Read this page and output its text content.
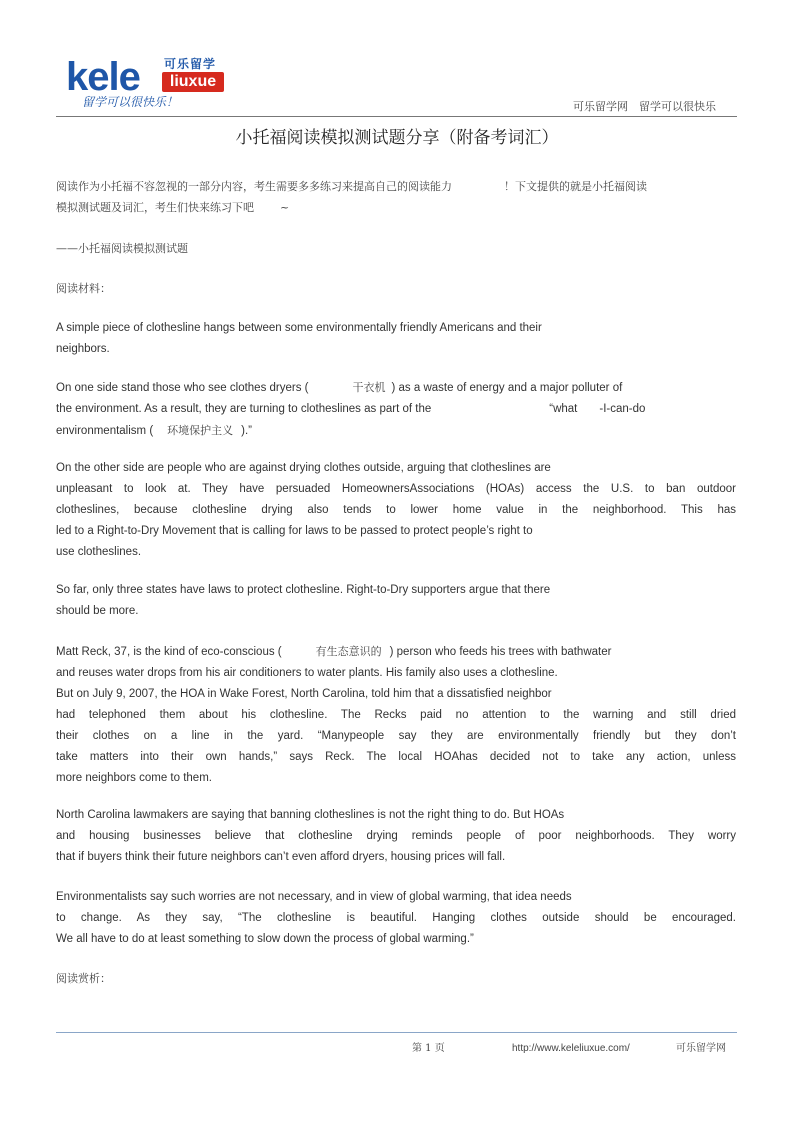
kele 可乐留学
liuxue
留学可以很快乐！	可乐留学网　留学可以很快乐
小托福阅读模拟测试题分享（附备考词汇）
阅读作为小托福不容忽视的一部分内容，考生需要多多练习来提高自己的阅读能力	！下文提供的就是小托福阅读
模拟测试题及词汇，考生们快来练习下吧 ~
——小托福阅读模拟测试题
阅读材料：
A simple piece of clothesline hangs between some environmentally friendly Americans and their
neighbors.
On one side stand those who see clothes dryers (	干衣机 ) as a waste of energy and a major polluter of
the environment. As a result, they are turning to clotheslines as part of the	“what -I-can-do
environmentalism ( 环境保护主义 ).”
On the other side are people who are against drying clothes outside, arguing that clotheslines are
unpleasant to look at. They have persuaded HomeownersAssociations (HOAs) access the U.S. to ban outdoor
clotheslines, because clothesline drying also tends to lower home value in the neighborhood. This has
led to a Right-to-Dry Movement that is calling for laws to be passed to protect people’s right to
use clotheslines.
So far, only three states have laws to protect clothesline. Right-to-Dry supporters argue that there
should be more.
Matt Reck, 37, is the kind of eco-conscious (	有生态意识的 ) person who feeds his trees with bathwater
and reuses water drops from his air conditioners to water plants. His family also uses a clothesline.
But on July 9, 2007, the HOA in Wake Forest, North Carolina, told him that a dissatisfied neighbor
had telephoned them about his clothesline. The Recks paid no attention to the warning and still dried
their clothes on a line in the yard. “Manypeople say they are environmentally friendly but they don’t
take matters into their own hands,” says Reck. The local HOAhas decided not to take any action, unless
more neighbors come to them.
North Carolina lawmakers are saying that banning clotheslines is not the right thing to do. But HOAs
and housing businesses believe that clothesline drying reminds people of poor neighborhoods. They worry
that if buyers think their future neighbors can’t even afford dryers, housing prices will fall.
Environmentalists say such worries are not necessary, and in view of global warming, that idea needs
to change. As they say, “The clothesline is beautiful. Hanging clothes outside should be encouraged.
We all have to do at least something to slow down the process of global warming.”
阅读赏析：
第 1 页	http://www.keleliuxue.com/	可乐留学网
